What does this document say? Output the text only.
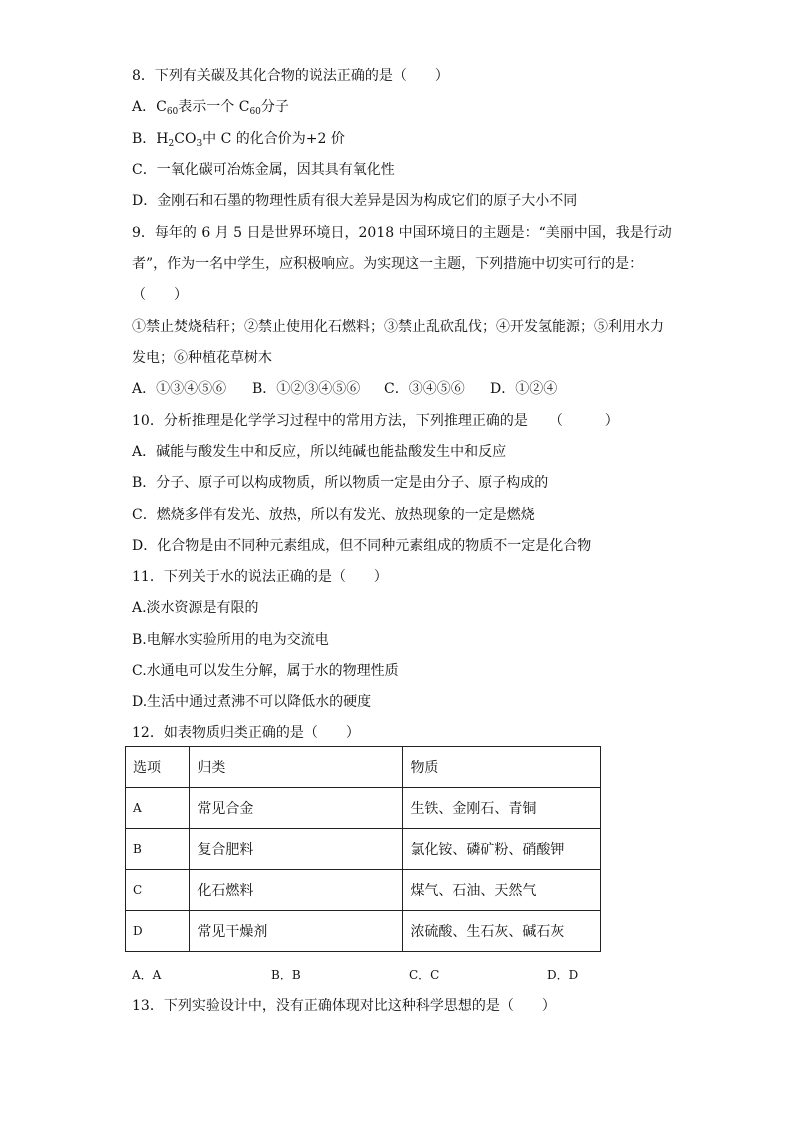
8．下列有关碳及其化合物的说法正确的是（　　）
A．$C_{60}$表示一个 $C_{60}$分子
B．$H_2CO_3$中 C 的化合价为+2 价
C．一氧化碳可冶炼金属，因其具有氧化性
D．金刚石和石墨的物理性质有很大差异是因为构成它们的原子大小不同
9．每年的 6 月 5 日是世界环境日，2018 中国环境日的主题是：“美丽中国，我是行动
者”，作为一名中学生，应积极响应。为实现这一主题，下列措施中切实可行的是：
（　　）
①禁止焚烧秸秆；②禁止使用化石燃料；③禁止乱砍乱伐；④开发氢能源；⑤利用水力
发电；⑥种植花草树木
A．①③④⑤⑥ B．①②③④⑤⑥ C．③④⑤⑥ D．①②④
10．分析推理是化学学习过程中的常用方法，下列推理正确的是　　（　　　）
A．碱能与酸发生中和反应，所以纯碱也能盐酸发生中和反应
B．分子、原子可以构成物质，所以物质一定是由分子、原子构成的
C．燃烧多伴有发光、放热，所以有发光、放热现象的一定是燃烧
D．化合物是由不同种元素组成，但不同种元素组成的物质不一定是化合物
11．下列关于水的说法正确的是（　　）
A.淡水资源是有限的
B.电解水实验所用的电为交流电
C.水通电可以发生分解，属于水的物理性质
D.生活中通过煮沸不可以降低水的硬度
12．如表物质归类正确的是（　　）
选项	归类	物质
A	常见合金	生铁、金刚石、青铜
B	复合肥料	氯化铵、磷矿粉、硝酸钾
C	化石燃料	煤气、石油、天然气
D	常见干燥剂	浓硫酸、生石灰、碱石灰
A．A	B．B	C．C	D．D
13．下列实验设计中，没有正确体现对比这种科学思想的是（　　）
